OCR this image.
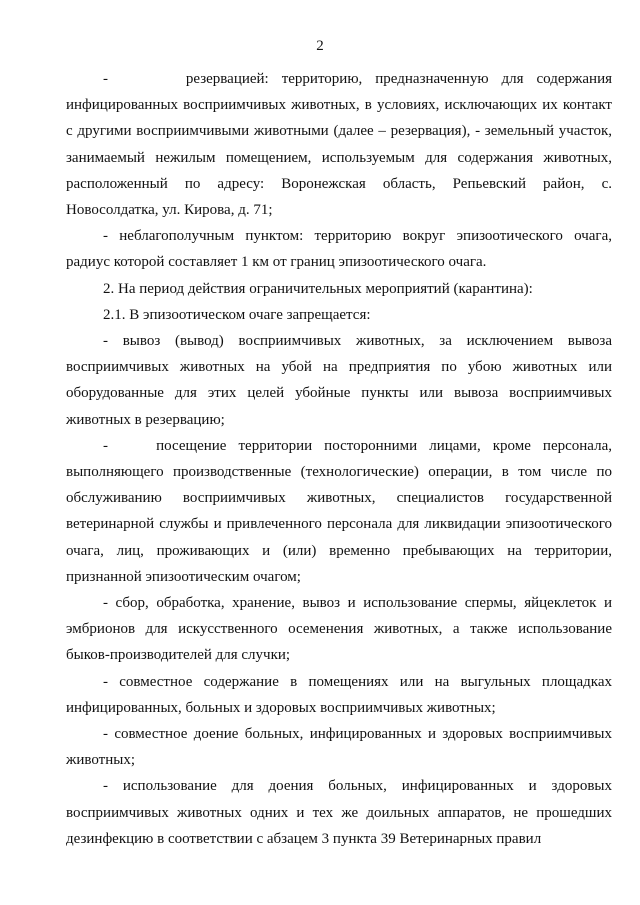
2

-      резервацией: территорию, предназначенную для содержания инфицированных восприимчивых животных, в условиях, исключающих их контакт с другими восприимчивыми животными (далее – резервация), - земельный участок, занимаемый нежилым помещением, используемым для содержания животных, расположенный по адресу: Воронежская область, Репьевский район, с. Новосолдатка, ул. Кирова, д. 71;

- неблагополучным пунктом: территорию вокруг эпизоотического очага, радиус которой составляет 1 км от границ эпизоотического очага.

2. На период действия ограничительных мероприятий (карантина):

2.1. В эпизоотическом очаге запрещается:

- вывоз (вывод) восприимчивых животных, за исключением вывоза восприимчивых животных на убой на предприятия по убою животных или оборудованные для этих целей убойные пункты или вывоза восприимчивых животных в резервацию;

-    посещение территории посторонними лицами, кроме персонала, выполняющего производственные (технологические) операции, в том числе по обслуживанию восприимчивых животных, специалистов государственной ветеринарной службы и привлеченного персонала для ликвидации эпизоотического очага, лиц, проживающих и (или) временно пребывающих на территории, признанной эпизоотическим очагом;

- сбор, обработка, хранение, вывоз и использование спермы, яйцеклеток и эмбрионов для искусственного осеменения животных, а также использование быков-производителей для случки;

- совместное содержание в помещениях или на выгульных площадках инфицированных, больных и здоровых восприимчивых животных;

- совместное доение больных, инфицированных и здоровых восприимчивых животных;

- использование для доения больных, инфицированных и здоровых восприимчивых животных одних и тех же доильных аппаратов, не прошедших дезинфекцию в соответствии с абзацем 3 пункта 39 Ветеринарных правил
